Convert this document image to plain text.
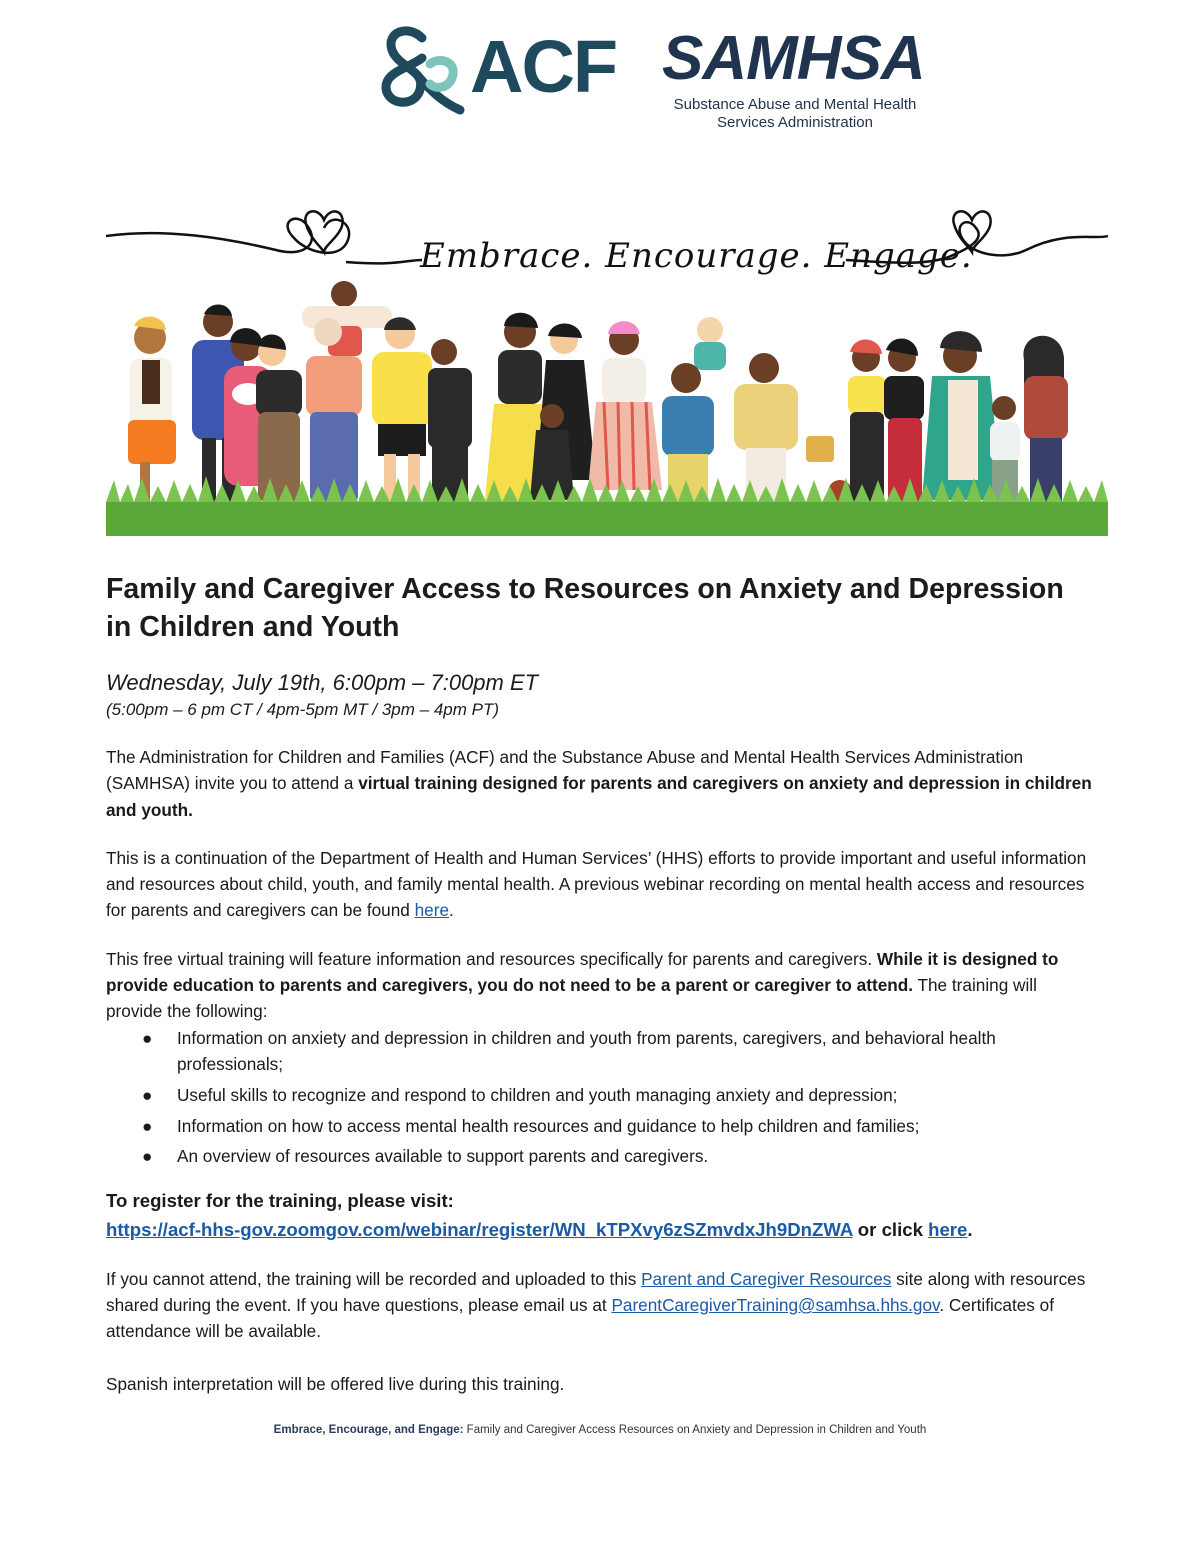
ACF SAMHSA
Substance Abuse and Mental Health
Services Administration
Embrace. Encourage. Engage.
Family and Caregiver Access to Resources on Anxiety and Depression in Children and Youth
Wednesday, July 19th, 6:00pm – 7:00pm ET
(5:00pm – 6 pm CT / 4pm-5pm MT / 3pm – 4pm PT)

The Administration for Children and Families (ACF) and the Substance Abuse and Mental Health Services Administration (SAMHSA) invite you to attend a virtual training designed for parents and caregivers on anxiety and depression in children and youth.

This is a continuation of the Department of Health and Human Services’ (HHS) efforts to provide important and useful information and resources about child, youth, and family mental health. A previous webinar recording on mental health access and resources for parents and caregivers can be found here.

This free virtual training will feature information and resources specifically for parents and caregivers. While it is designed to provide education to parents and caregivers, you do not need to be a parent or caregiver to attend. The training will provide the following:

● Information on anxiety and depression in children and youth from parents, caregivers, and behavioral health professionals;
● Useful skills to recognize and respond to children and youth managing anxiety and depression;
● Information on how to access mental health resources and guidance to help children and families;
● An overview of resources available to support parents and caregivers.
To register for the training, please visit:
https://acf-hhs-gov.zoomgov.com/webinar/register/WN_kTPXvy6zSZmvdxJh9DnZWA or click here.

If you cannot attend, the training will be recorded and uploaded to this Parent and Caregiver Resources site along with resources shared during the event. If you have questions, please email us at ParentCaregiverTraining@samhsa.hhs.gov. Certificates of attendance will be available.

Spanish interpretation will be offered live during this training.

Embrace, Encourage, and Engage: Family and Caregiver Access Resources on Anxiety and Depression in Children and Youth
